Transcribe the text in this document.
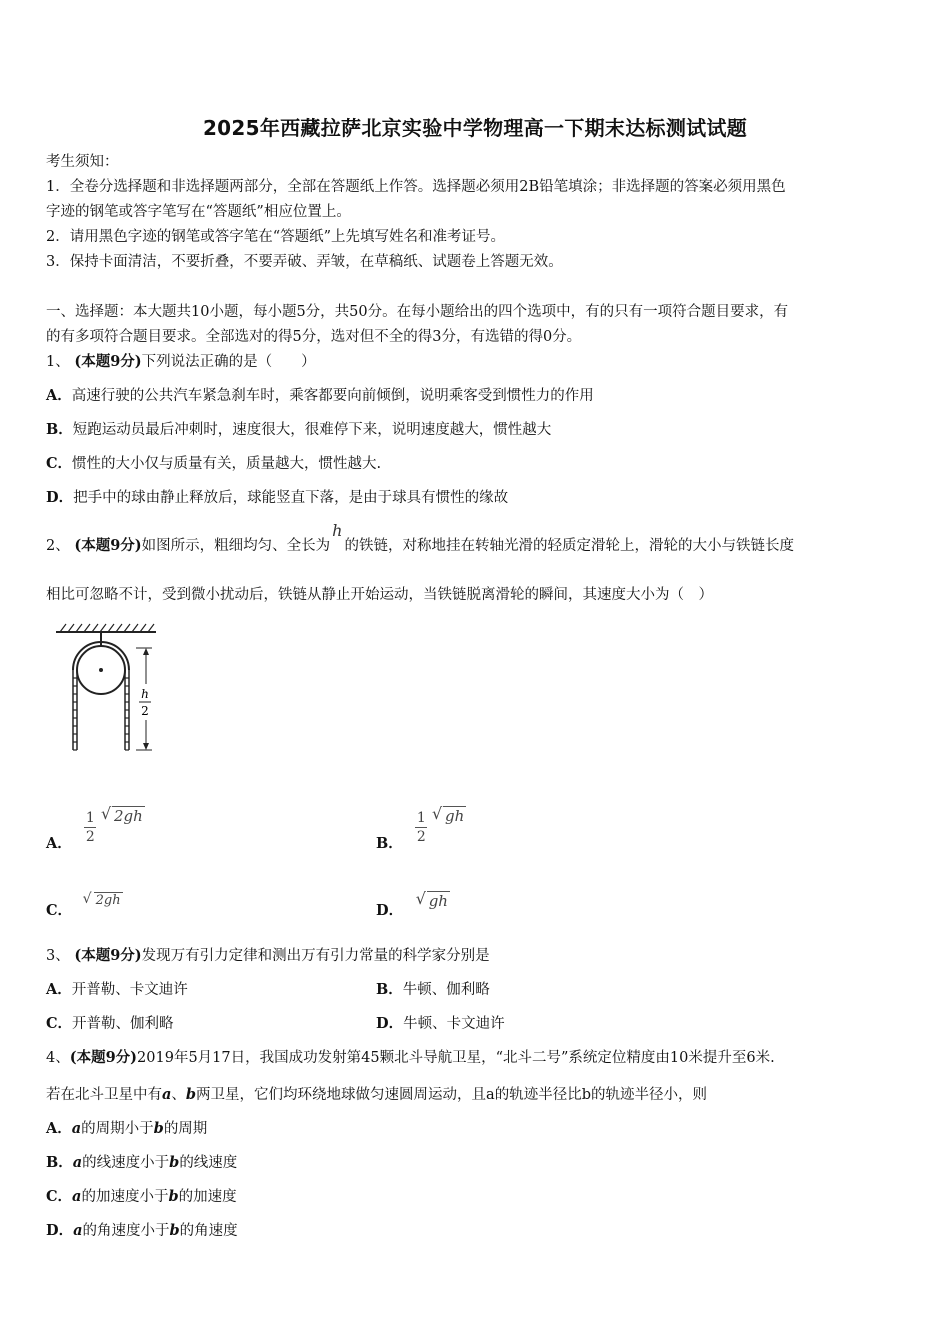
2025年西藏拉萨北京实验中学物理高一下期末达标测试试题
考生须知：
1．全卷分选择题和非选择题两部分，全部在答题纸上作答。选择题必须用2B铅笔填涂；非选择题的答案必须用黑色
字迹的钢笔或答字笔写在“答题纸”相应位置上。
2．请用黑色字迹的钢笔或答字笔在“答题纸”上先填写姓名和准考证号。
3．保持卡面清洁，不要折叠，不要弄破、弄皱，在草稿纸、试题卷上答题无效。
一、选择题：本大题共10小题，每小题5分，共50分。在每小题给出的四个选项中，有的只有一项符合题目要求，有
的有多项符合题目要求。全部选对的得5分，选对但不全的得3分，有选错的得0分。
1、 (本题9分)下列说法正确的是（　　）
A．高速行驶的公共汽车紧急刹车时，乘客都要向前倾倒，说明乘客受到惯性力的作用
B．短跑运动员最后冲刺时，速度很大，很难停下来，说明速度越大，惯性越大
C．惯性的大小仅与质量有关，质量越大，惯性越大.
D．把手中的球由静止释放后，球能竖直下落，是由于球具有惯性的缘故
2、 (本题9分)如图所示，粗细均匀、全长为h的铁链，对称地挂在转轴光滑的轻质定滑轮上，滑轮的大小与铁链长度
相比可忽略不计，受到微小扰动后，铁链从静止开始运动，当铁链脱离滑轮的瞬间，其速度大小为（　）
h
2
A． $\frac{1}{2}$
√ 2gh
B． $\frac{1}{2}$
√ gh
C．
√ 2gh
D．
√ gh
3、 (本题9分)发现万有引力定律和测出万有引力常量的科学家分别是
A．开普勒、卡文迪许	B．牛顿、伽利略
C．开普勒、伽利略	D．牛顿、卡文迪许
4、(本题9分)2019年5月17日，我国成功发射第45颗北斗导航卫星，“北斗二号”系统定位精度由10米提升至6米.
若在北斗卫星中有a、b两卫星，它们均环绕地球做匀速圆周运动，且a的轨迹半径比b的轨迹半径小，则
A．a的周期小于b的周期
B．a的线速度小于b的线速度
C．a的加速度小于b的加速度
D．a的角速度小于b的角速度
